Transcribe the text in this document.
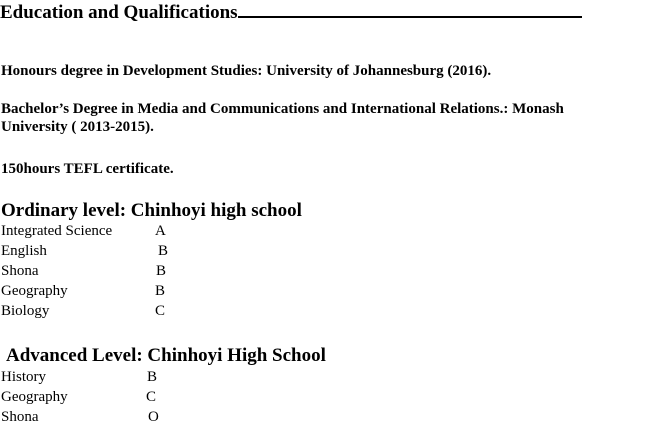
Education and Qualifications
Honours degree in Development Studies: University of Johannesburg (2016).
Bachelor’s Degree in Media and Communications and International Relations.: Monash
University ( 2013-2015).
150hours TEFL certificate.
Ordinary level: Chinhoyi high school
Integrated Science	A
English	B
Shona	B
Geography	B
Biology	C
Advanced Level: Chinhoyi High School
History	B
Geography	C
Shona	O
